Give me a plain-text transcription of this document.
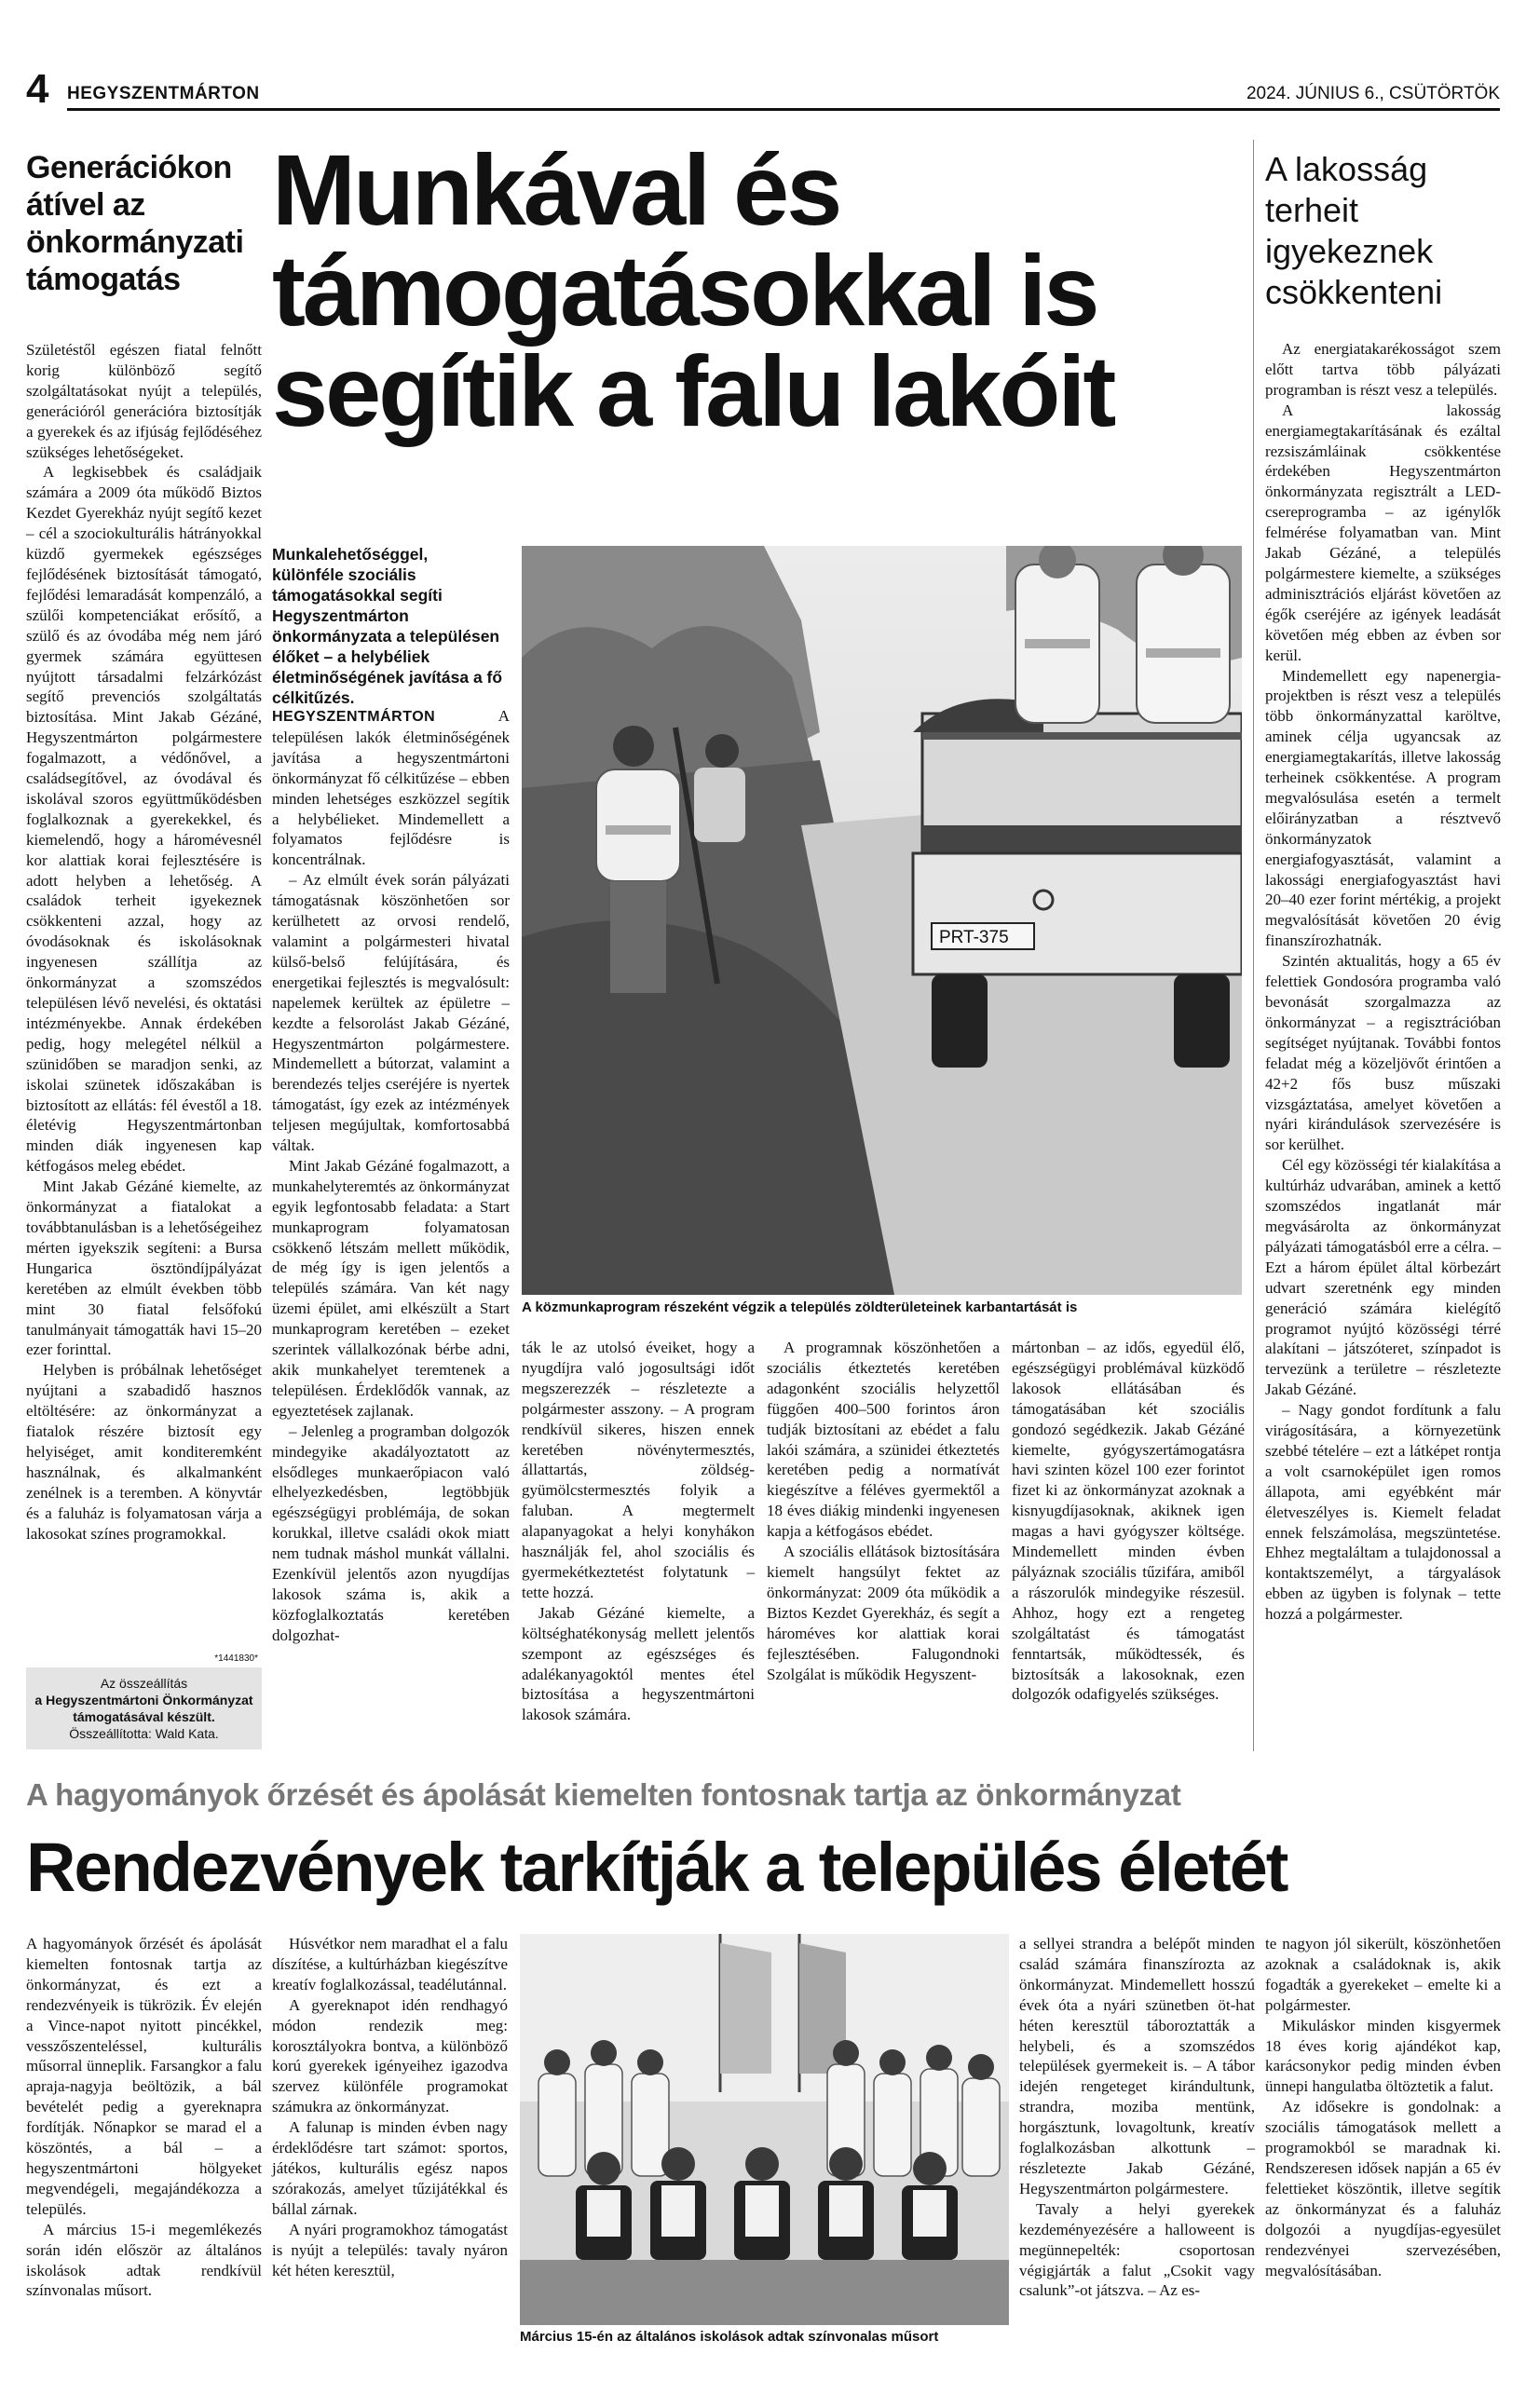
4 HEGYSZENTMÁRTON	2024. JÚNIUS 6., CSÜTÖRTÖK
Generációkon átível az önkormányzati támogatás

Születéstől egészen fiatal felnőtt korig különböző segítő szolgáltatásokat nyújt a település, generációról generációra biztosítják a gyerekek és az ifjúság fejlődéséhez szükséges lehetőségeket.

A legkisebbek és családjaik számára a 2009 óta működő Biztos Kezdet Gyerekház nyújt segítő kezet – cél a szociokulturális hátrányokkal küzdő gyermekek egészséges fejlődésének biztosítását támogató, fejlődési lemaradását kompenzáló, a szülői kompetenciákat erősítő, a szülő és az óvodába még nem járó gyermek számára együttesen nyújtott társadalmi felzárkózást segítő prevenciós szolgáltatás biztosítása. Mint Jakab Gézáné, Hegyszentmárton polgármestere fogalmazott, a védőnővel, a családsegítővel, az óvodával és iskolával szoros együttműködésben foglalkoznak a gyerekekkel, és kiemelendő, hogy a háromévesnél kor alattiak korai fejlesztésére is adott helyben a lehetőség. A családok terheit igyekeznek csökkenteni azzal, hogy az óvodásoknak és iskolásoknak ingyenesen szállítja az önkormányzat a szomszédos településen lévő nevelési, és oktatási intézményekbe. Annak érdekében pedig, hogy melegétel nélkül a szünidőben se maradjon senki, az iskolai szünetek időszakában is biztosított az ellátás: fél évestől a 18. életévig Hegyszentmártonban minden diák ingyenesen kap kétfogásos meleg ebédet.

Mint Jakab Gézáné kiemelte, az önkormányzat a fiatalokat a továbbtanulásban is a lehetőségeihez mérten igyekszik segíteni: a Bursa Hungarica ösztöndíjpályázat keretében az elmúlt években több mint 30 fiatal felsőfokú tanulmányait támogatták havi 15–20 ezer forinttal.

Helyben is próbálnak lehetőséget nyújtani a szabadidő hasznos eltöltésére: az önkormányzat a fiatalok részére biztosít egy helyiséget, amit konditeremként használnak, és alkalmanként zenélnek is a teremben. A könyvtár és a faluház is folyamatosan várja a lakosokat színes programokkal.

*1441830*
Az összeállítás
a Hegyszentmártoni Önkormányzat támogatásával készült.
Összeállította: Wald Kata.
Munkával és
támogatásokkal is
segítik a falu lakóit
Munkalehetőséggel, különféle szociális támogatásokkal segíti Hegyszentmárton önkormányzata a településen élőket – a helybéliek életminőségének javítása a fő célkitűzés.

HEGYSZENTMÁRTON	A településen lakók életminőségének javítása a hegyszentmártoni önkormányzat fő célkitűzése – ebben minden lehetséges eszközzel segítik a helybélieket. Mindemellett a folyamatos fejlődésre is koncentrálnak.

– Az elmúlt évek során pályázati támogatásnak köszönhetően sor kerülhetett az orvosi rendelő, valamint a polgármesteri hivatal külső-belső felújítására, és energetikai fejlesztés is megvalósult: napelemek kerültek az épületre – kezdte a felsorolást Jakab Gézáné, Hegyszentmárton polgármestere. Mindemellett a bútorzat, valamint a berendezés teljes cseréjére is nyertek támogatást, így ezek az intézmények teljesen megújultak, komfortosabbá váltak.

Mint Jakab Gézáné fogalmazott, a munkahelyteremtés az önkormányzat egyik legfontosabb feladata: a Start munkaprogram folyamatosan csökkenő létszám mellett működik, de még így is igen jelentős a település számára. Van két nagy üzemi épület, ami elkészült a Start munkaprogram keretében – ezeket szerintek vállalkozónak bérbe adni, akik munkahelyet teremtenek a településen. Érdeklődők vannak, az egyeztetések zajlanak.

– Jelenleg a programban dolgozók mindegyike akadályoztatott az elsődleges munkaerőpiacon való elhelyezkedésben, legtöbbjük egészségügyi problémája, de sokan korukkal, illetve családi okok miatt nem tudnak máshol munkát vállalni. Ezenkívül jelentős azon nyugdíjas lakosok száma is, akik a közfoglalkoztatás keretében dolgozhat-

PRT-375
A közmunkaprogram részeként végzik a település zöldterületeinek karbantartását is

ták le az utolsó éveiket, hogy a nyugdíjra való jogosultsági időt megszerezzék – részletezte a polgármester asszony. – A program rendkívül sikeres, hiszen ennek keretében növénytermesztés, állattartás, zöldség-gyümölcstermesztés folyik a faluban. A megtermelt alapanyagokat a helyi konyhákon használják fel, ahol szociális és gyermekétkeztetést folytatunk – tette hozzá.

Jakab Gézáné kiemelte, a költséghatékonyság mellett jelentős szempont az egészséges és adalékanyagoktól mentes étel biztosítása a hegyszentmártoni lakosok számára.

A programnak köszönhetően a szociális étkeztetés keretében adagonként szociális helyzettől függően 400–500 forintos áron tudják biztosítani az ebédet a falu lakói számára, a szünidei étkeztetés keretében pedig a normatívát kiegészítve a féléves gyermektől a 18 éves diákig mindenki ingyenesen kapja a kétfogásos ebédet.

A szociális ellátások biztosítására kiemelt hangsúlyt fektet az önkormányzat: 2009 óta működik a Biztos Kezdet Gyerekház, és segít a hároméves kor alattiak korai fejlesztésében. Falugondnoki Szolgálat is működik Hegyszent-

mártonban – az idős, egyedül élő, egészségügyi problémával küzködő lakosok ellátásában és támogatásában két szociális gondozó segédkezik. Jakab Gézáné kiemelte, gyógyszertámogatásra havi szinten közel 100 ezer forintot fizet ki az önkormányzat azoknak a kisnyugdíjasoknak, akiknek igen magas a havi gyógyszer költsége. Mindemellett minden évben pályáznak szociális tűzifára, amiből a rászorulók mindegyike részesül. Ahhoz, hogy ezt a rengeteg szolgáltatást és támogatást fenntartsák, működtessék, és biztosítsák a lakosoknak, ezen dolgozók odafigyelés szükséges.

A lakosság terheit igyekeznek csökkenteni

Az energiatakarékosságot szem előtt tartva több pályázati programban is részt vesz a település.

A lakosság energiamegtakarításának és ezáltal rezsiszámláinak csökkentése érdekében Hegyszentmárton önkormányzata regisztrált a LED-csereprogramba – az igénylők felmérése folyamatban van. Mint Jakab Gézáné, a település polgármestere kiemelte, a szükséges adminisztrációs eljárást követően az égők cseréjére az igények leadását követően még ebben az évben sor kerül.

Mindemellett egy napenergia-projektben is részt vesz a település több önkormányzattal karöltve, aminek célja ugyancsak az energiamegtakarítás, illetve lakosság terheinek csökkentése. A program megvalósulása esetén a termelt előirányzatban a résztvevő önkormányzatok energiafogyasztását, valamint a lakossági energiafogyasztást havi 20–40 ezer forint mértékig, a projekt megvalósítását követően 20 évig finanszírozhatnák.

Szintén aktualitás, hogy a 65 év felettiek Gondosóra programba való bevonását szorgalmazza az önkormányzat – a regisztrációban segítséget nyújtanak. További fontos feladat még a közeljövőt érintően a 42+2 fős busz műszaki vizsgáztatása, amelyet követően a nyári kirándulások szervezésére is sor kerülhet.

Cél egy közösségi tér kialakítása a kultúrház udvarában, aminek a kettő szomszédos ingatlanát már megvásárolta az önkormányzat pályázati támogatásból erre a célra. – Ezt a három épület által körbezárt udvart szeretnénk egy minden generáció számára kielégítő programot nyújtó közösségi térré alakítani – játszóteret, színpadot is tervezünk a területre – részletezte Jakab Gézáné.

– Nagy gondot fordítunk a falu virágosítására, a környezetünk szebbé tételére – ezt a látképet rontja a volt csarnoképület igen romos állapota, ami egyébként már életveszélyes is. Kiemelt feladat ennek felszámolása, megszüntetése. Ehhez megtaláltam a tulajdonossal a kontaktszemélyt, a tárgyalások ebben az ügyben is folynak – tette hozzá a polgármester.

A hagyományok őrzését és ápolását kiemelten fontosnak tartja az önkormányzat
Rendezvények tarkítják a település életét

A hagyományok őrzését és ápolását kiemelten fontosnak tartja az önkormányzat, és ezt a rendezvényeik is tükrözik. Év elején a Vince-napot nyitott pincékkel, vesszőszenteléssel, kulturális műsorral ünneplik. Farsangkor a falu apraja-nagyja beöltözik, a bál bevételét pedig a gyereknapra fordítják. Nőnapkor se marad el a köszöntés, a bál – a hegyszentmártoni hölgyeket megvendégeli, megajándékozza a település.

A március 15-i megemlékezés során idén először az általános iskolások adtak rendkívül színvonalas műsort.

Húsvétkor nem maradhat el a falu díszítése, a kultúrházban kiegészítve kreatív foglalkozással, teadélutánnal.

A gyereknapot idén rendhagyó módon rendezik meg: korosztályokra bontva, a különböző korú gyerekek igényeihez igazodva szervez különféle programokat számukra az önkormányzat.

A falunap is minden évben nagy érdeklődésre tart számot: sportos, játékos, kulturális egész napos szórakozás, amelyet tűzijátékkal és bállal zárnak.

A nyári programokhoz támogatást is nyújt a település: tavaly nyáron két héten keresztül,

Március 15-én az általános iskolások adtak színvonalas műsort

a sellyei strandra a belépőt minden család számára finanszírozta az önkormányzat. Mindemellett hosszú évek óta a nyári szünetben öt-hat héten keresztül táboroztatták a helybeli, és a szomszédos települések gyermekeit is. – A tábor idején rengeteget kirándultunk, strandra, moziba mentünk, horgásztunk, lovagoltunk, kreatív foglalkozásban alkottunk – részletezte Jakab Gézáné, Hegyszentmárton polgármestere.

Tavaly a helyi gyerekek kezdeményezésére a halloweent is megünnepelték: csoportosan végigjárták a falut „Csokit vagy csalunk”-ot játszva. – Az es-

te nagyon jól sikerült, köszönhetően azoknak a családoknak is, akik fogadták a gyerekeket – emelte ki a polgármester.

Mikuláskor minden kisgyermek 18 éves korig ajándékot kap, karácsonykor pedig minden évben ünnepi hangulatba öltöztetik a falut.

Az idősekre is gondolnak: a szociális támogatások mellett a programokból se maradnak ki. Rendszeresen idősek napján a 65 év felettieket köszöntik, illetve segítik az önkormányzat és a faluház dolgozói a nyugdíjas-egyesület rendezvényei szervezésében, megvalósításában.
